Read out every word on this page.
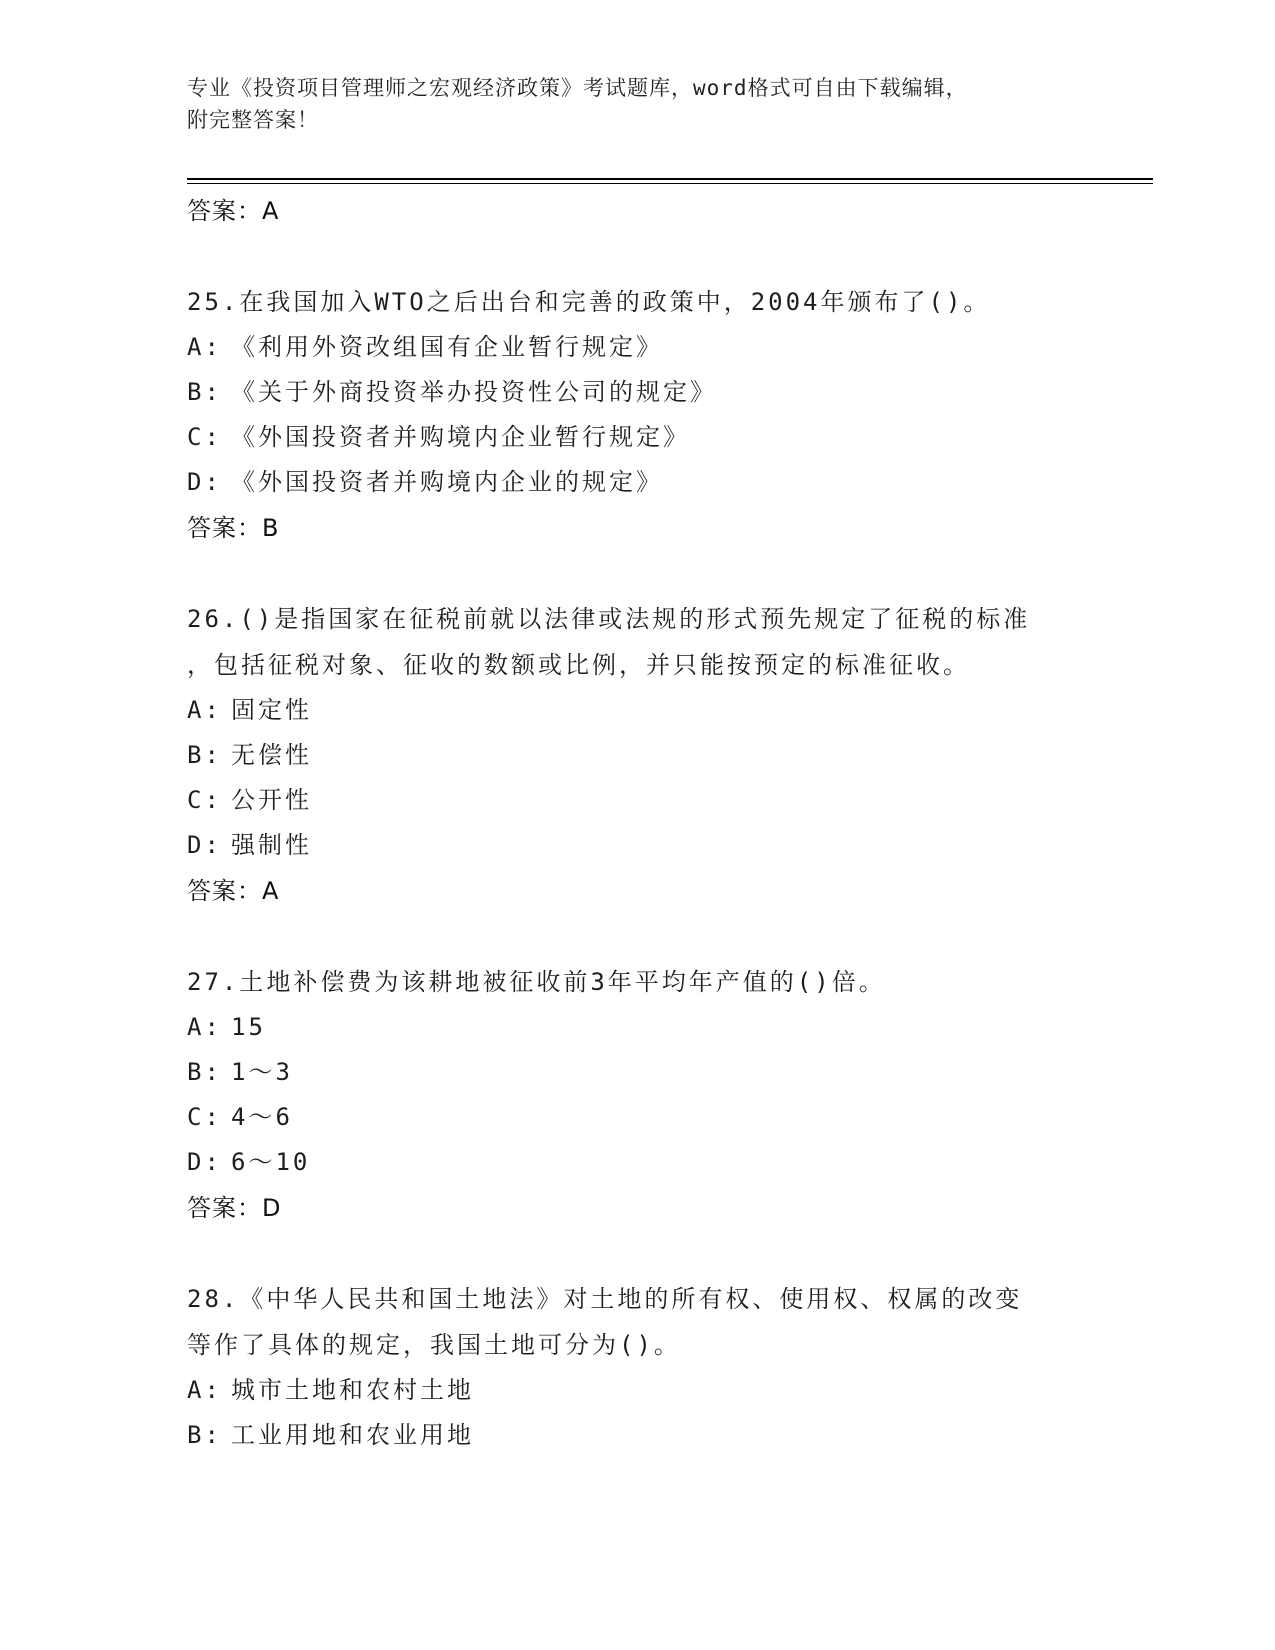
专业《投资项目管理师之宏观经济政策》考试题库，word格式可自由下载编辑，
附完整答案！
答案：A
25.在我国加入WTO之后出台和完善的政策中，2004年颁布了()。
A: 《利用外资改组国有企业暂行规定》
B: 《关于外商投资举办投资性公司的规定》
C: 《外国投资者并购境内企业暂行规定》
D: 《外国投资者并购境内企业的规定》
答案：B
26.()是指国家在征税前就以法律或法规的形式预先规定了征税的标准
，包括征税对象、征收的数额或比例，并只能按预定的标准征收。
A: 固定性
B: 无偿性
C: 公开性
D: 强制性
答案：A
27.土地补偿费为该耕地被征收前3年平均年产值的()倍。
A: 15
B: 1～3
C: 4～6
D: 6～10
答案：D
28.《中华人民共和国土地法》对土地的所有权、使用权、权属的改变
等作了具体的规定，我国土地可分为()。
A: 城市土地和农村土地
B: 工业用地和农业用地
